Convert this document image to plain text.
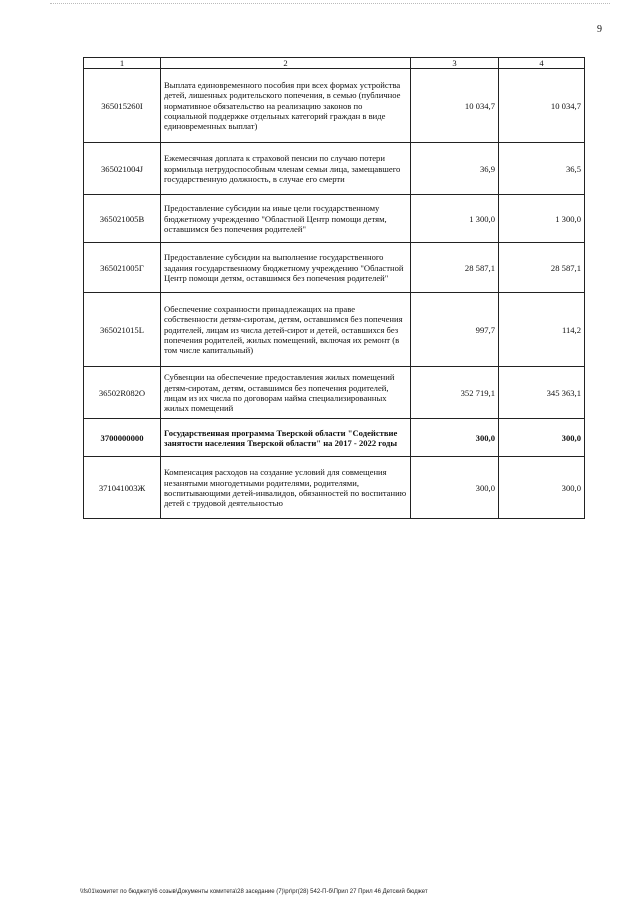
9
1	2	3	4
365015260I	Выплата единовременного пособия при всех формах устройства детей, лишенных родительского попечения, в семью (публичное нормативное обязательство на реализацию законов по социальной поддержке отдельных категорий граждан в виде единовременных выплат)	10 034,7	10 034,7
365021004J	Ежемесячная доплата к страховой пенсии по случаю потери кормильца нетрудоспособным членам семьи лица, замещавшего государственную должность, в случае его смерти	36,9	36,5
365021005В	Предоставление субсидии на иные цели государственному бюджетному учреждению "Областной Центр помощи детям, оставшимся без попечения родителей"	1 300,0	1 300,0
365021005Г	Предоставление субсидии на выполнение государственного задания государственному бюджетному учреждению "Областной Центр помощи детям, оставшимся без попечения родителей"	28 587,1	28 587,1
365021015L	Обеспечение сохранности принадлежащих на праве собственности детям-сиротам, детям, оставшимся без попечения родителей, лицам из числа детей-сирот и детей, оставшихся без попечения родителей, жилых помещений, включая их ремонт (в том числе капитальный)	997,7	114,2
36502R082О	Субвенции на обеспечение предоставления жилых помещений детям-сиротам, детям, оставшимся без попечения родителей, лицам из их числа по договорам найма специализированных жилых помещений	352 719,1	345 363,1
3700000000	Государственная программа Тверской области "Содействие занятости населения Тверской области" на 2017 - 2022 годы	300,0	300,0
371041003Ж	Компенсация расходов на создание условий для совмещения незанятыми многодетными родителями, родителями, воспитывающими детей-инвалидов, обязанностей по воспитанию детей с трудовой деятельностью	300,0	300,0
\\fs01\комитет по бюджету\6 созыв\Документы комитета\28 заседание (7)\pr\рг(28) 542-П-б\Прил 27 Прил 46 Детский бюджет
